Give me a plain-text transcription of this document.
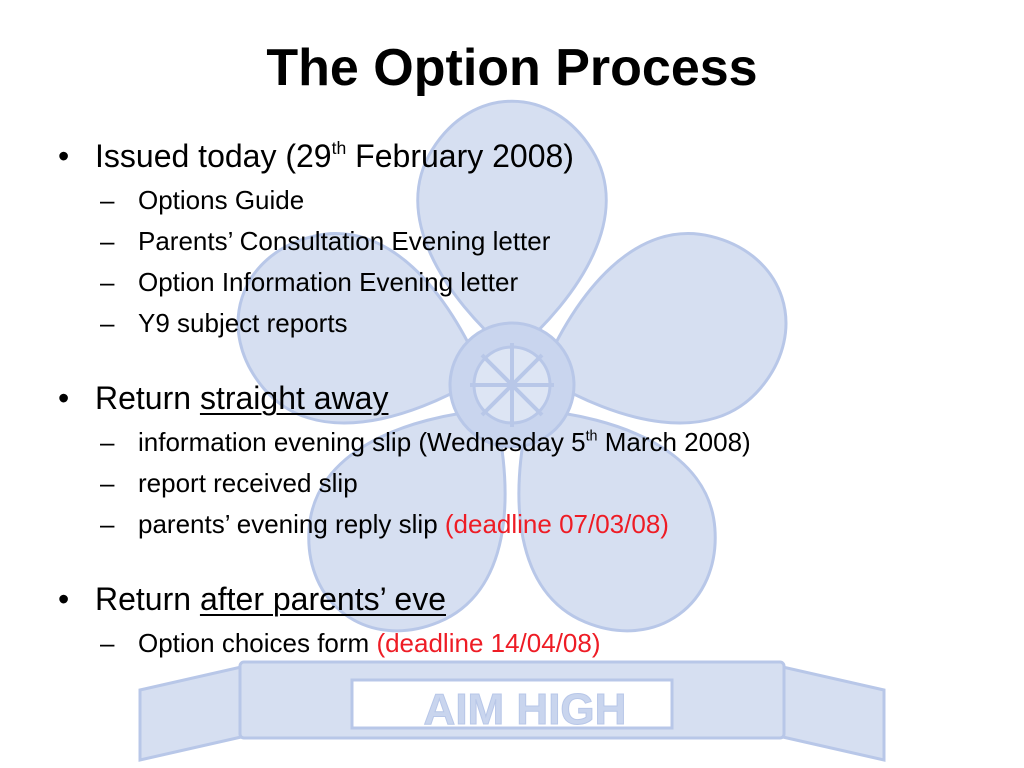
AIM HIGH
The Option Process
• Issued today (29th February 2008)
– Options Guide
– Parents’ Consultation Evening letter
– Option Information Evening letter
– Y9 subject reports
• Return straight away
– information evening slip (Wednesday 5th March 2008)
– report received slip
– parents’ evening reply slip (deadline 07/03/08)
• Return after parents’ eve
– Option choices form (deadline 14/04/08)
